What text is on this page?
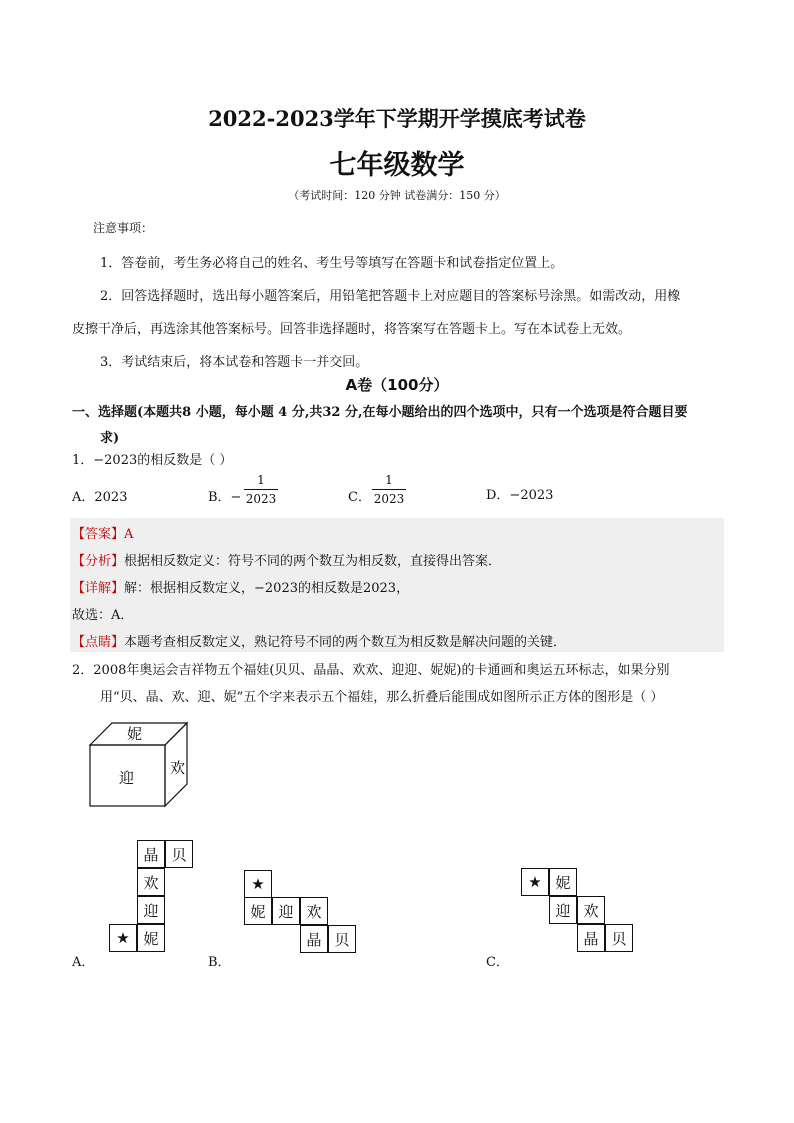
2022-2023学年下学期开学摸底考试卷
七年级数学
（考试时间：120 分钟 试卷满分：150 分）
注意事项：
1．答卷前，考生务必将自己的姓名、考生号等填写在答题卡和试卷指定位置上。
2．回答选择题时，选出每小题答案后，用铅笔把答题卡上对应题目的答案标号涂黑。如需改动，用橡
皮擦干净后，再选涂其他答案标号。回答非选择题时，将答案写在答题卡上。写在本试卷上无效。
3．考试结束后，将本试卷和答题卡一并交回。
A卷（100分）
一、选择题(本题共8 小题，每小题 4 分,共32 分,在每小题给出的四个选项中，只有一个选项是符合题目要
求)
1．−2023的相反数是（ ）
A．2023	B．−
1
2023	C．
1
2023	D．−2023
【答案】A
【分析】根据相反数定义：符号不同的两个数互为相反数，直接得出答案．
【详解】解：根据相反数定义，−2023的相反数是2023，
故选：A．
【点睛】本题考查相反数定义，熟记符号不同的两个数互为相反数是解决问题的关键．
2．2008年奥运会吉祥物五个福娃(贝贝、晶晶、欢欢、迎迎、妮妮)的卡通画和奥运五环标志，如果分别
用“贝、晶、欢、迎、妮”五个字来表示五个福娃，那么折叠后能围成如图所示正方体的图形是（ ）
妮
迎
欢
晶 贝
欢
迎
★ 妮
A．
★
妮 迎 欢
晶 贝
B．
★ 妮
迎 欢
晶 贝
C．
